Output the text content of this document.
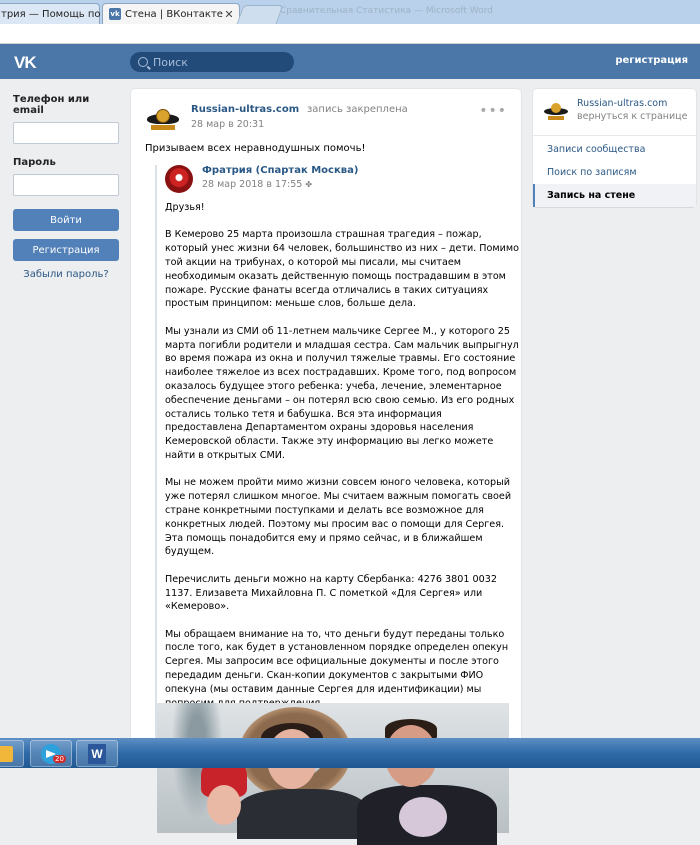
трия — Помощь по vk Стена | ВКонтакте ✕	Сравнительная Статистика — Microsoft Word
VK
Поиск	регистрация
Телефон или email
Пароль
Войти
Регистрация
Забыли пароль?
Russian-ultras.com запись закреплена
28 мар в 20:31
•••
Призываем всех неравнодушных помочь!
Фратрия (Спартак Москва)
28 мар 2018 в 17:55 ✤

Друзья!

В Кемерово 25 марта произошла страшная трагедия – пожар, который унес жизни 64 человек, большинство из них – дети. Помимо той акции на трибунах, о которой мы писали, мы считаем необходимым оказать действенную помощь пострадавшим в этом пожаре. Русские фанаты всегда отличались в таких ситуациях простым принципом: меньше слов, больше дела.

Мы узнали из СМИ об 11-летнем мальчике Сергее М., у которого 25 марта погибли родители и младшая сестра. Сам мальчик выпрыгнул во время пожара из окна и получил тяжелые травмы. Его состояние наиболее тяжелое из всех пострадавших. Кроме того, под вопросом оказалось будущее этого ребенка: учеба, лечение, элементарное обеспечение деньгами – он потерял всю свою семью. Из его родных остались только тетя и бабушка. Вся эта информация предоставлена Департаментом охраны здоровья населения Кемеровской области. Также эту информацию вы легко можете найти в открытых СМИ.

Мы не можем пройти мимо жизни совсем юного человека, который уже потерял слишком многое. Мы считаем важным помогать своей стране конкретными поступками и делать все возможное для конкретных людей. Поэтому мы просим вас о помощи для Сергея. Эта помощь понадобится ему и прямо сейчас, и в ближайшем будущем.

Перечислить деньги можно на карту Сбербанка: 4276 3801 0032 1137. Елизавета Михайловна П. С пометкой «Для Сергея» или «Кемерово».

Мы обращаем внимание на то, что деньги будут переданы только после того, как будет в установленном порядке определен опекун Сергея. Мы запросим все официальные документы и после этого передадим деньги. Скан-копии документов с закрытыми ФИО опекуна (мы оставим данные Сергея для идентификации) мы

Russian-ultras.com
вернуться к странице
Записи сообщества
Поиск по записям
Запись на стене
20 W
